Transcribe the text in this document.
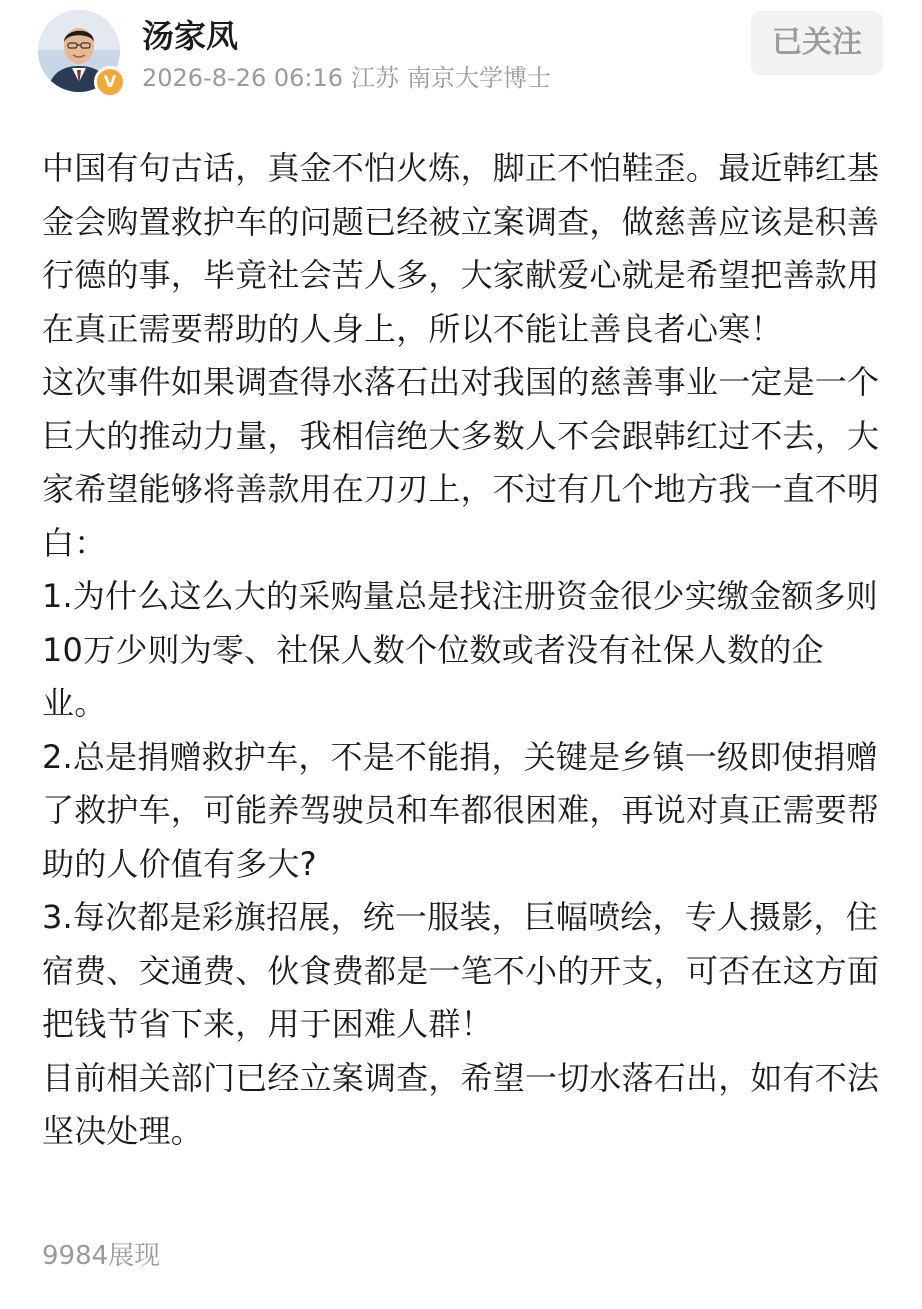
V
汤家凤
2026-8-26 06:16 江苏 南京大学博士
已关注

中国有句古话，真金不怕火炼，脚正不怕鞋歪。最近韩红基金会购置救护车的问题已经被立案调查，做慈善应该是积善行德的事，毕竟社会苦人多，大家献爱心就是希望把善款用在真正需要帮助的人身上，所以不能让善良者心寒！

这次事件如果调查得水落石出对我国的慈善事业一定是一个巨大的推动力量，我相信绝大多数人不会跟韩红过不去，大家希望能够将善款用在刀刃上，不过有几个地方我一直不明白：

1.为什么这么大的采购量总是找注册资金很少实缴金额多则10万少则为零、社保人数个位数或者没有社保人数的企业。

2.总是捐赠救护车，不是不能捐，关键是乡镇一级即使捐赠了救护车，可能养驾驶员和车都很困难，再说对真正需要帮助的人价值有多大?

3.每次都是彩旗招展，统一服装，巨幅喷绘，专人摄影，住宿费、交通费、伙食费都是一笔不小的开支，可否在这方面把钱节省下来，用于困难人群！

目前相关部门已经立案调查，希望一切水落石出，如有不法坚决处理。

9984展现
